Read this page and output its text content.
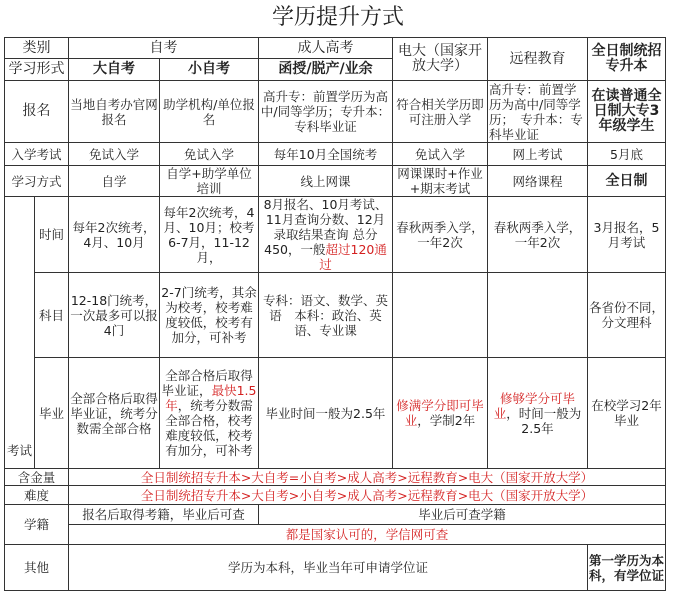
学历提升方式
类别		自考		成人高考	电大（国家开放大学）	远程教育	全日制统招专升本
学习形式		大自考	小自考	函授/脱产/业余			
报名		当地自考办官网报名	助学机构/单位报名	高升专：前置学历为高中/同等学历；专升本：专科毕业证	符合相关学历即可注册入学	高升专：前置学历为高中/同等学历；　专升本：专科毕业证	在读普通全日制大专3年级学生
入学考试		免试入学	免试入学	每年10月全国统考	免试入学	网上考试	5月底
学习方式		自学	自学+助学单位培训	线上网课	网课课时+作业+期末考试	网络课程	全日制
考试	时间	每年2次统考，4月、10月	每年2次统考，4月、10月；校考6-7月，11-12月，	8月报名、10月考试、11月查询分数、12月录取结果查询 总分450，一般超过120通过	春秋两季入学，一年2次	春秋两季入学，一年2次	3月报名，5月考试
	科目	12-18门统考，一次最多可以报4门	2-7门统考，其余为校考，校考难度较低，校考有加分，可补考	专科：语文、数学、英语　本科：政治、英语、专业课			各省份不同，分文理科
	毕业	全部合格后取得毕业证，统考分数需全部合格	全部合格后取得毕业证，最快1.5年，统考分数需全部合格，校考难度较低，校考有加分，可补考	毕业时间一般为2.5年	修满学分即可毕业，学制2年	修够学分可毕业，时间一般为2.5年	在校学习2年毕业
含金量		全日制统招专升本>大自考=小自考>成人高考>远程教育>电大（国家开放大学）					
难度		全日制统招专升本>大自考>小自考>成人高考>远程教育>电大（国家开放大学）					
学籍		报名后取得考籍，毕业后可查		毕业后可查学籍			
		都是国家认可的，学信网可查					
其他		学历为本科，毕业当年可申请学位证					第一学历为本科，有学位证
